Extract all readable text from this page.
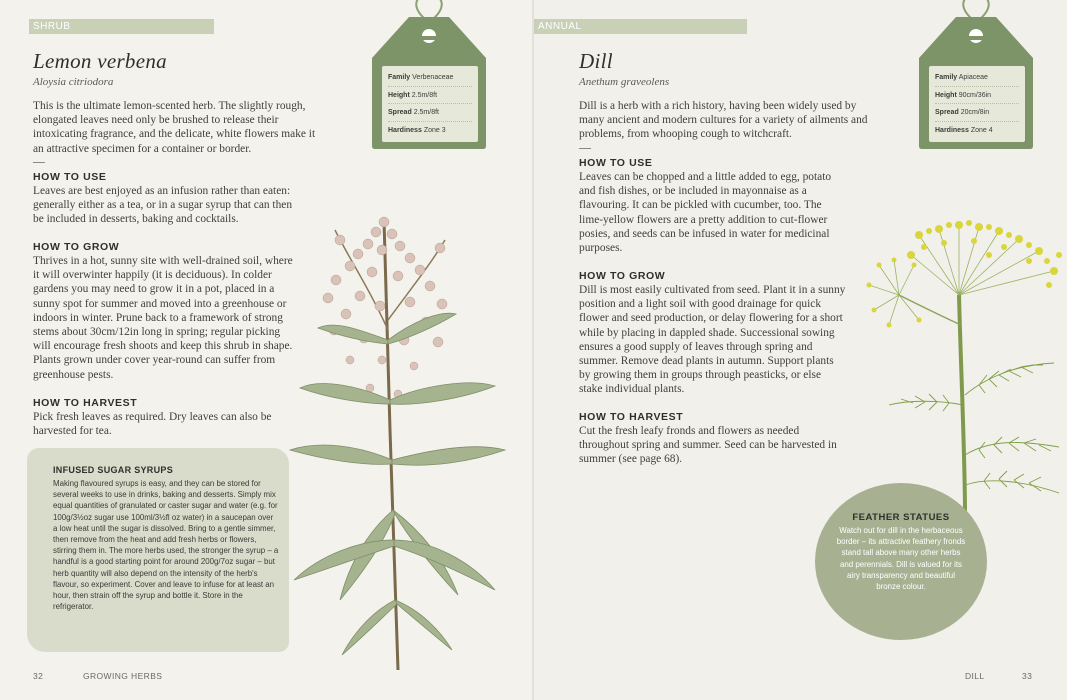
SHRUB
Lemon verbena
Aloysia citriodora

This is the ultimate lemon-scented herb. The slightly rough, elongated leaves need only be brushed to release their intoxicating fragrance, and the delicate, white flowers make it an attractive specimen for a container or border.

—
HOW TO USE
Leaves are best enjoyed as an infusion rather than eaten: generally either as a tea, or in a sugar syrup that can then be included in desserts, baking and cocktails.
HOW TO GROW
Thrives in a hot, sunny site with well-drained soil, where it will overwinter happily (it is deciduous). In colder gardens you may need to grow it in a pot, placed in a sunny spot for summer and moved into a greenhouse or indoors in winter. Prune back to a framework of strong stems about 30cm/12in long in spring; regular picking will encourage fresh shoots and keep this shrub in shape. Plants grown under cover year-round can suffer from greenhouse pests.
HOW TO HARVEST
Pick fresh leaves as required. Dry leaves can also be harvested for tea.
Family Verbenaceae
Height 2.5m/8ft
Spread 2.5m/8ft
Hardiness Zone 3
INFUSED SUGAR SYRUPS
Making flavoured syrups is easy, and they can be stored for several weeks to use in drinks, baking and desserts. Simply mix equal quantities of granulated or caster sugar and water (e.g. for 100g/3½oz sugar use 100ml/3½fl oz water) in a saucepan over a low heat until the sugar is dissolved. Bring to a gentle simmer, then remove from the heat and add fresh herbs or flowers, stirring them in. The more herbs used, the stronger the syrup – a handful is a good starting point for around 200g/7oz sugar – but herb quantity will also depend on the intensity of the herb's flavour, so experiment. Cover and leave to infuse for at least an hour, then strain off the syrup and bottle it. Store in the refrigerator.
32	GROWING HERBS
ANNUAL
Dill
Anethum graveolens
Dill is a herb with a rich history, having been widely used by many ancient and modern cultures for a variety of ailments and problems, from whooping cough to witchcraft.
—
HOW TO USE
Leaves can be chopped and a little added to egg, potato and fish dishes, or be included in mayonnaise as a flavouring. It can be pickled with cucumber, too. The lime-yellow flowers are a pretty addition to cut-flower posies, and seeds can be infused in water for medicinal purposes.
HOW TO GROW
Dill is most easily cultivated from seed. Plant it in a sunny position and a light soil with good drainage for quick flower and seed production, or delay flowering for a short while by placing in dappled shade. Successional sowing ensures a good supply of leaves through spring and summer. Remove dead plants in autumn. Support plants by growing them in groups through peasticks, or else stake individual plants.
HOW TO HARVEST
Cut the fresh leafy fronds and flowers as needed throughout spring and summer. Seed can be harvested in summer (see page 68).
Family Apiaceae
Height 90cm/36in
Spread 20cm/8in
Hardiness Zone 4
FEATHER STATUES
Watch out for dill in the herbaceous border – its attractive feathery fronds stand tall above many other herbs and perennials. Dill is valued for its airy transparency and beautiful bronze colour.
DILL	33
